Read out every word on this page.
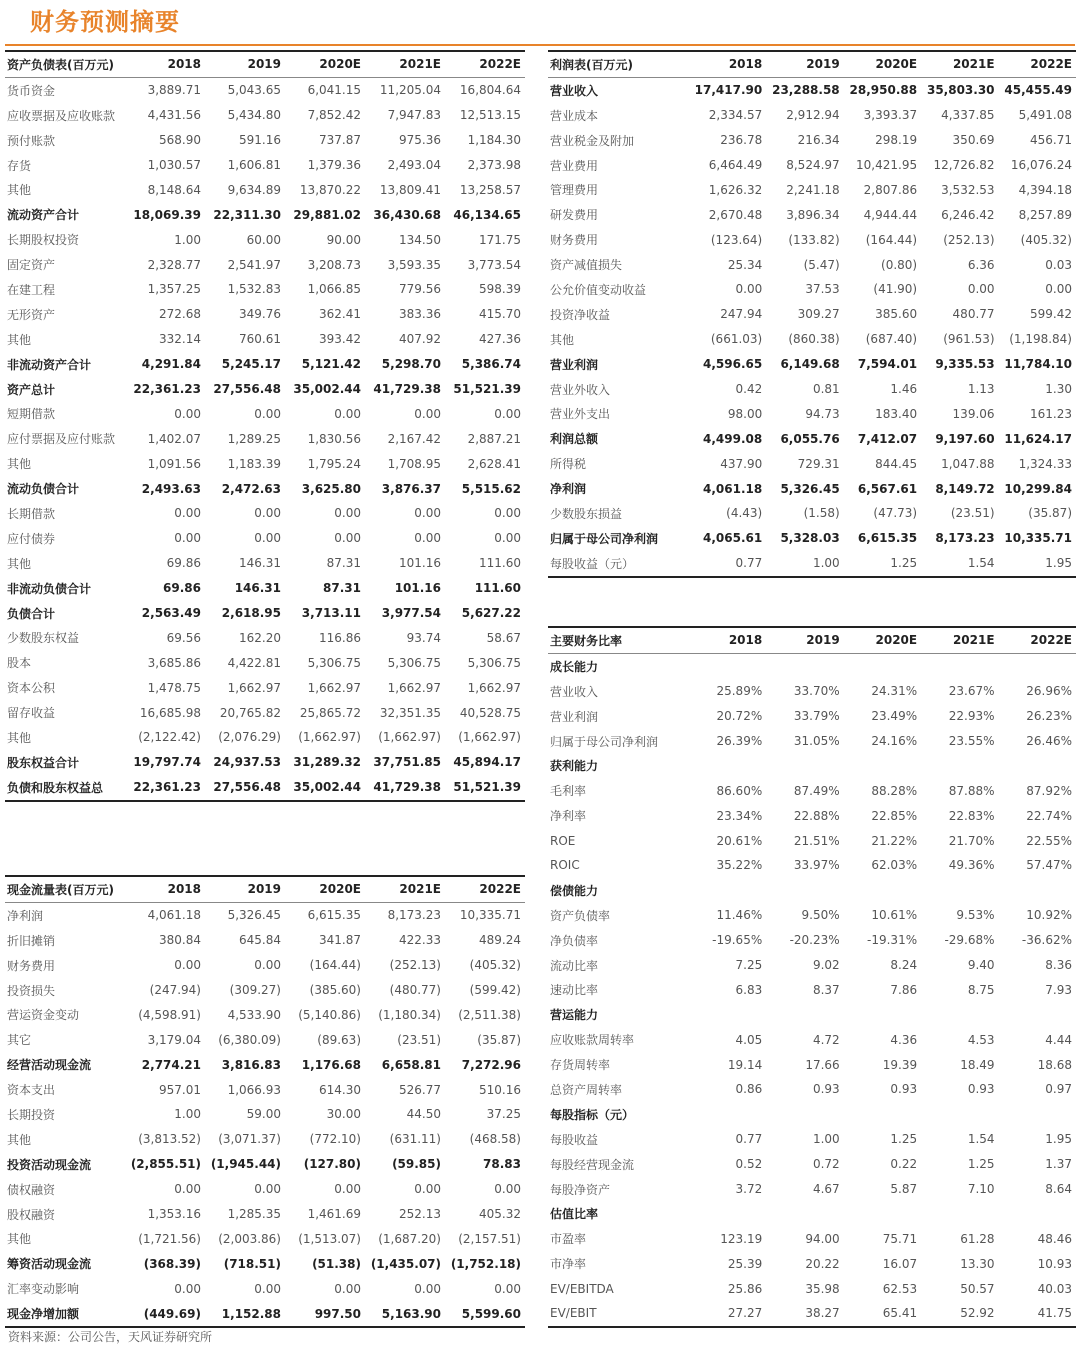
财务预测摘要
资产负债表(百万元)	2018	2019	2020E	2021E	2022E
货币资金	3,889.71	5,043.65	6,041.15	11,205.04	16,804.64
应收票据及应收账款	4,431.56	5,434.80	7,852.42	7,947.83	12,513.15
预付账款	568.90	591.16	737.87	975.36	1,184.30
存货	1,030.57	1,606.81	1,379.36	2,493.04	2,373.98
其他	8,148.64	9,634.89	13,870.22	13,809.41	13,258.57
流动资产合计	18,069.39	22,311.30	29,881.02	36,430.68	46,134.65
长期股权投资	1.00	60.00	90.00	134.50	171.75
固定资产	2,328.77	2,541.97	3,208.73	3,593.35	3,773.54
在建工程	1,357.25	1,532.83	1,066.85	779.56	598.39
无形资产	272.68	349.76	362.41	383.36	415.70
其他	332.14	760.61	393.42	407.92	427.36
非流动资产合计	4,291.84	5,245.17	5,121.42	5,298.70	5,386.74
资产总计	22,361.23	27,556.48	35,002.44	41,729.38	51,521.39
短期借款	0.00	0.00	0.00	0.00	0.00
应付票据及应付账款	1,402.07	1,289.25	1,830.56	2,167.42	2,887.21
其他	1,091.56	1,183.39	1,795.24	1,708.95	2,628.41
流动负债合计	2,493.63	2,472.63	3,625.80	3,876.37	5,515.62
长期借款	0.00	0.00	0.00	0.00	0.00
应付债券	0.00	0.00	0.00	0.00	0.00
其他	69.86	146.31	87.31	101.16	111.60
非流动负债合计	69.86	146.31	87.31	101.16	111.60
负债合计	2,563.49	2,618.95	3,713.11	3,977.54	5,627.22
少数股东权益	69.56	162.20	116.86	93.74	58.67
股本	3,685.86	4,422.81	5,306.75	5,306.75	5,306.75
资本公积	1,478.75	1,662.97	1,662.97	1,662.97	1,662.97
留存收益	16,685.98	20,765.82	25,865.72	32,351.35	40,528.75
其他	(2,122.42)	(2,076.29)	(1,662.97)	(1,662.97)	(1,662.97)
股东权益合计	19,797.74	24,937.53	31,289.32	37,751.85	45,894.17
负债和股东权益总	22,361.23	27,556.48	35,002.44	41,729.38	51,521.39
利润表(百万元)	2018	2019	2020E	2021E	2022E
营业收入	17,417.90	23,288.58	28,950.88	35,803.30	45,455.49
营业成本	2,334.57	2,912.94	3,393.37	4,337.85	5,491.08
营业税金及附加	236.78	216.34	298.19	350.69	456.71
营业费用	6,464.49	8,524.97	10,421.95	12,726.82	16,076.24
管理费用	1,626.32	2,241.18	2,807.86	3,532.53	4,394.18
研发费用	2,670.48	3,896.34	4,944.44	6,246.42	8,257.89
财务费用	(123.64)	(133.82)	(164.44)	(252.13)	(405.32)
资产减值损失	25.34	(5.47)	(0.80)	6.36	0.03
公允价值变动收益	0.00	37.53	(41.90)	0.00	0.00
投资净收益	247.94	309.27	385.60	480.77	599.42
其他	(661.03)	(860.38)	(687.40)	(961.53)	(1,198.84)
营业利润	4,596.65	6,149.68	7,594.01	9,335.53	11,784.10
营业外收入	0.42	0.81	1.46	1.13	1.30
营业外支出	98.00	94.73	183.40	139.06	161.23
利润总额	4,499.08	6,055.76	7,412.07	9,197.60	11,624.17
所得税	437.90	729.31	844.45	1,047.88	1,324.33
净利润	4,061.18	5,326.45	6,567.61	8,149.72	10,299.84
少数股东损益	(4.43)	(1.58)	(47.73)	(23.51)	(35.87)
归属于母公司净利润	4,065.61	5,328.03	6,615.35	8,173.23	10,335.71
每股收益（元）	0.77	1.00	1.25	1.54	1.95
主要财务比率	2018	2019	2020E	2021E	2022E
成长能力					
营业收入	25.89%	33.70%	24.31%	23.67%	26.96%
营业利润	20.72%	33.79%	23.49%	22.93%	26.23%
归属于母公司净利润	26.39%	31.05%	24.16%	23.55%	26.46%
获利能力					
毛利率	86.60%	87.49%	88.28%	87.88%	87.92%
净利率	23.34%	22.88%	22.85%	22.83%	22.74%
ROE	20.61%	21.51%	21.22%	21.70%	22.55%
ROIC	35.22%	33.97%	62.03%	49.36%	57.47%
偿债能力					
资产负债率	11.46%	9.50%	10.61%	9.53%	10.92%
净负债率	-19.65%	-20.23%	-19.31%	-29.68%	-36.62%
流动比率	7.25	9.02	8.24	9.40	8.36
速动比率	6.83	8.37	7.86	8.75	7.93
营运能力					
应收账款周转率	4.05	4.72	4.36	4.53	4.44
存货周转率	19.14	17.66	19.39	18.49	18.68
总资产周转率	0.86	0.93	0.93	0.93	0.97
每股指标（元）					
每股收益	0.77	1.00	1.25	1.54	1.95
每股经营现金流	0.52	0.72	0.22	1.25	1.37
每股净资产	3.72	4.67	5.87	7.10	8.64
估值比率					
市盈率	123.19	94.00	75.71	61.28	48.46
市净率	25.39	20.22	16.07	13.30	10.93
EV/EBITDA	25.86	35.98	62.53	50.57	40.03
EV/EBIT	27.27	38.27	65.41	52.92	41.75
现金流量表(百万元)	2018	2019	2020E	2021E	2022E
净利润	4,061.18	5,326.45	6,615.35	8,173.23	10,335.71
折旧摊销	380.84	645.84	341.87	422.33	489.24
财务费用	0.00	0.00	(164.44)	(252.13)	(405.32)
投资损失	(247.94)	(309.27)	(385.60)	(480.77)	(599.42)
营运资金变动	(4,598.91)	4,533.90	(5,140.86)	(1,180.34)	(2,511.38)
其它	3,179.04	(6,380.09)	(89.63)	(23.51)	(35.87)
经营活动现金流	2,774.21	3,816.83	1,176.68	6,658.81	7,272.96
资本支出	957.01	1,066.93	614.30	526.77	510.16
长期投资	1.00	59.00	30.00	44.50	37.25
其他	(3,813.52)	(3,071.37)	(772.10)	(631.11)	(468.58)
投资活动现金流	(2,855.51)	(1,945.44)	(127.80)	(59.85)	78.83
债权融资	0.00	0.00	0.00	0.00	0.00
股权融资	1,353.16	1,285.35	1,461.69	252.13	405.32
其他	(1,721.56)	(2,003.86)	(1,513.07)	(1,687.20)	(2,157.51)
筹资活动现金流	(368.39)	(718.51)	(51.38)	(1,435.07)	(1,752.18)
汇率变动影响	0.00	0.00	0.00	0.00	0.00
现金净增加额	(449.69)	1,152.88	997.50	5,163.90	5,599.60
资料来源：公司公告，天风证券研究所
